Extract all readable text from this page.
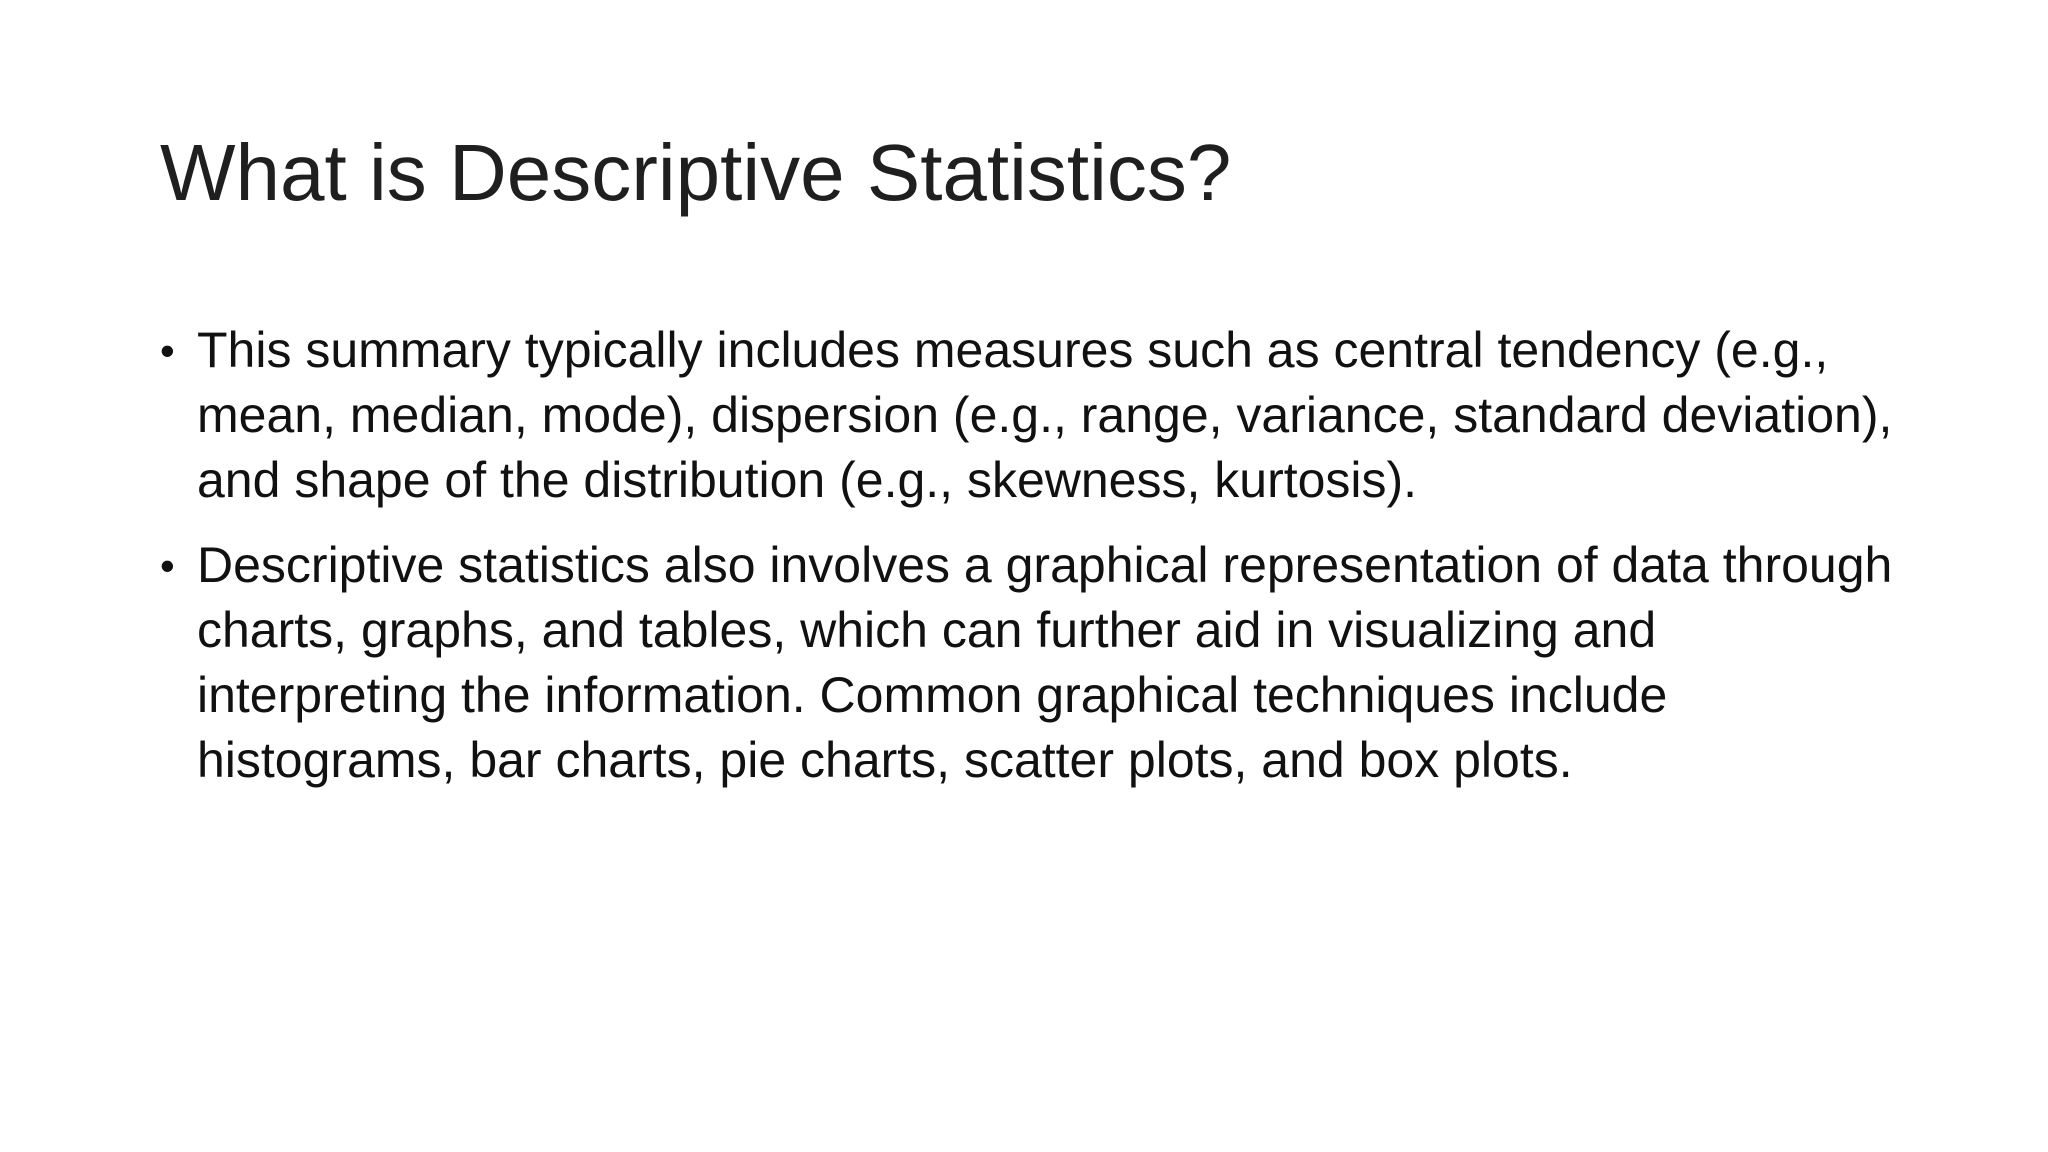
What is Descriptive Statistics?
• This summary typically includes measures such as central tendency (e.g., mean, median, mode), dispersion (e.g., range, variance, standard deviation), and shape of the distribution (e.g., skewness, kurtosis).
• Descriptive statistics also involves a graphical representation of data through charts, graphs, and tables, which can further aid in visualizing and interpreting the information. Common graphical techniques include histograms, bar charts, pie charts, scatter plots, and box plots.
